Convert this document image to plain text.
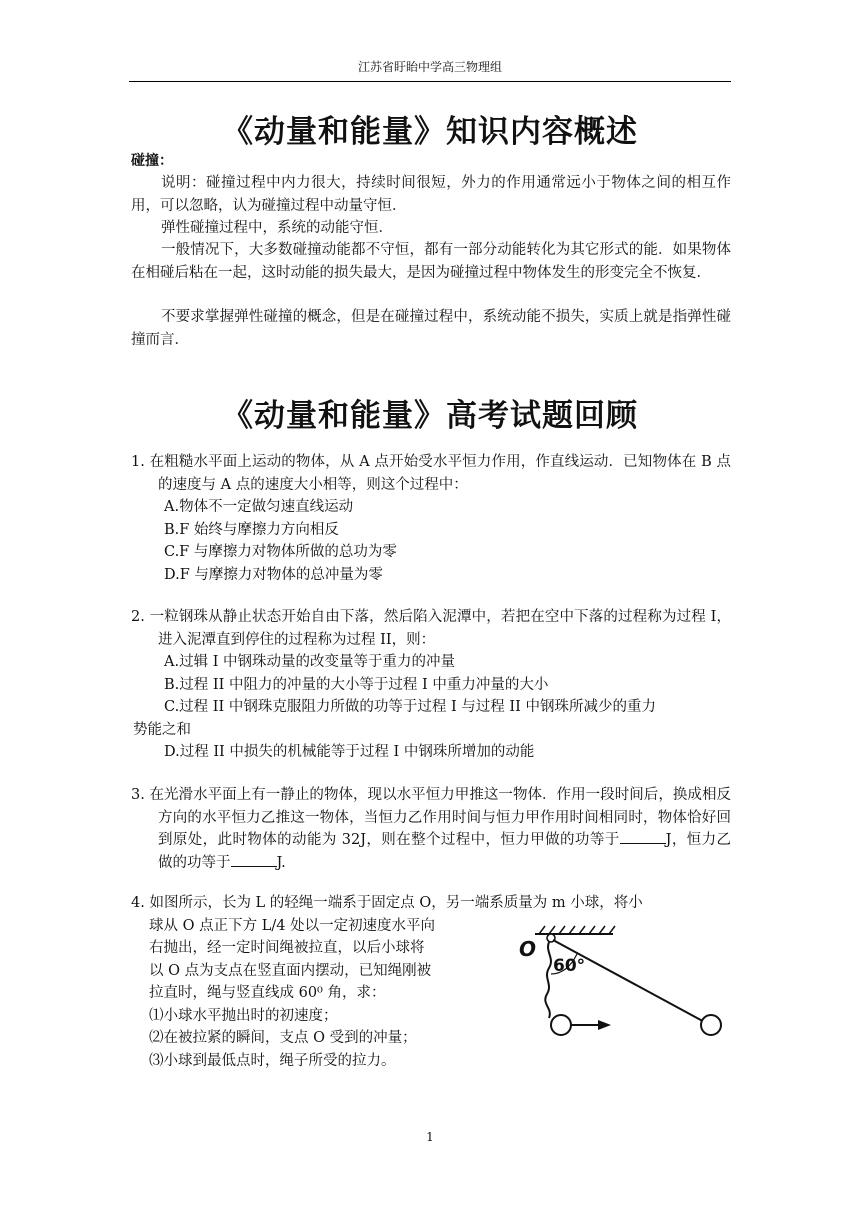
江苏省盱眙中学高三物理组
《动量和能量》知识内容概述
碰撞：
说明：碰撞过程中内力很大，持续时间很短，外力的作用通常远小于物体之间的相互作用，可以忽略，认为碰撞过程中动量守恒．
弹性碰撞过程中，系统的动能守恒．
一般情况下，大多数碰撞动能都不守恒，都有一部分动能转化为其它形式的能．如果物体在相碰后粘在一起，这时动能的损失最大，是因为碰撞过程中物体发生的形变完全不恢复．
不要求掌握弹性碰撞的概念，但是在碰撞过程中，系统动能不损失，实质上就是指弹性碰撞而言．
《动量和能量》高考试题回顾
1. 在粗糙水平面上运动的物体，从 A 点开始受水平恒力作用，作直线运动．已知物体在 B 点的速度与 A 点的速度大小相等，则这个过程中：
A.物体不一定做匀速直线运动
B.F 始终与摩擦力方向相反
C.F 与摩擦力对物体所做的总功为零
D.F 与摩擦力对物体的总冲量为零
2. 一粒钢珠从静止状态开始自由下落，然后陷入泥潭中，若把在空中下落的过程称为过程 I，进入泥潭直到停住的过程称为过程 II，则：
A.过辑 I 中钢珠动量的改变量等于重力的冲量
B.过程 II 中阻力的冲量的大小等于过程 I 中重力冲量的大小
C.过程 II 中钢珠克服阻力所做的功等于过程 I 与过程 II 中钢珠所减少的重力
势能之和
D.过程 II 中损失的机械能等于过程 I 中钢珠所增加的动能
3. 在光滑水平面上有一静止的物体，现以水平恒力甲推这一物体．作用一段时间后，换成相反方向的水平恒力乙推这一物体，当恒力乙作用时间与恒力甲作用时间相同时，物体恰好回到原处，此时物体的动能为 32J，则在整个过程中，恒力甲做的功等于	J，恒力乙做的功等于	J.
4. 如图所示，长为 L 的轻绳一端系于固定点 O，另一端系质量为 m 小球，将小
球从 O 点正下方 L/4 处以一定初速度水平向
右抛出，经一定时间绳被拉直，以后小球将
以 O 点为支点在竖直面内摆动，已知绳刚被
拉直时，绳与竖直线成 60⁰ 角，求：
⑴小球水平抛出时的初速度；
⑵在被拉紧的瞬间，支点 O 受到的冲量；
⑶小球到最低点时，绳子所受的拉力。
O
60°
1
